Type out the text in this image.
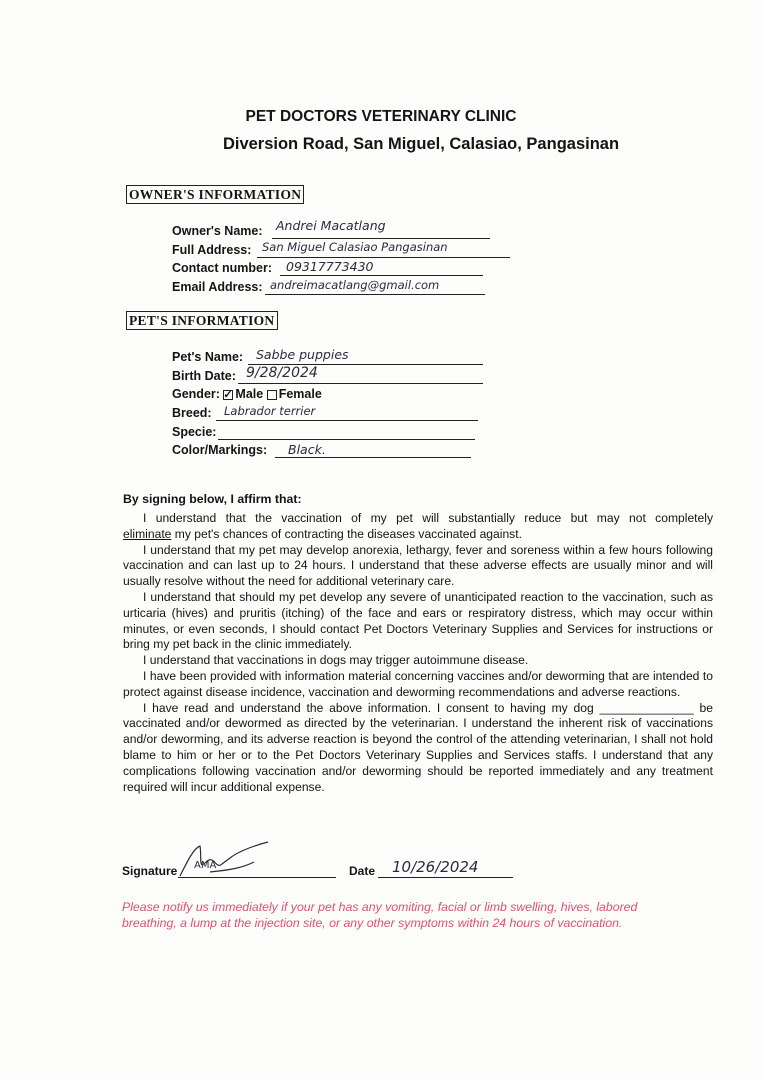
PET DOCTORS VETERINARY CLINIC
Diversion Road, San Miguel, Calasiao, Pangasinan
OWNER'S INFORMATION
Owner's Name: Andrei Macatlang
Full Address: San Miguel Calasiao Pangasinan
Contact number: 09317773430
Email Address: andreimacatlang@gmail.com
PET'S INFORMATION
Pet's Name: Sabbe puppies
Birth Date: 9/28/2024
Gender: ✓ Male Female
Breed: Labrador terrier
Specie:
Color/Markings: Black.
By signing below, I affirm that:

I understand that the vaccination of my pet will substantially reduce but may not completely

eliminate my pet's chances of contracting the diseases vaccinated against.

I understand that my pet may develop anorexia, lethargy, fever and soreness within a few hours following vaccination and can last up to 24 hours. I understand that these adverse effects are usually minor and will usually resolve without the need for additional veterinary care.

I understand that should my pet develop any severe of unanticipated reaction to the vaccination, such as urticaria (hives) and pruritis (itching) of the face and ears or respiratory distress, which may occur within minutes, or even seconds, I should contact Pet Doctors Veterinary Supplies and Services for instructions or bring my pet back in the clinic immediately.

I understand that vaccinations in dogs may trigger autoimmune disease.

I have been provided with information material concerning vaccines and/or deworming that are intended to protect against disease incidence, vaccination and deworming recommendations and adverse reactions.

I have read and understand the above information. I consent to having my dog ______________ be vaccinated and/or dewormed as directed by the veterinarian. I understand the inherent risk of vaccinations and/or deworming, and its adverse reaction is beyond the control of the attending veterinarian, I shall not hold blame to him or her or to the Pet Doctors Veterinary Supplies and Services staffs. I understand that any complications following vaccination and/or deworming should be reported immediately and any treatment required will incur additional expense.

Signature AMA	Date 10/26/2024
Please notify us immediately if your pet has any vomiting, facial or limb swelling, hives, labored breathing, a lump at the injection site, or any other symptoms within 24 hours of vaccination.
